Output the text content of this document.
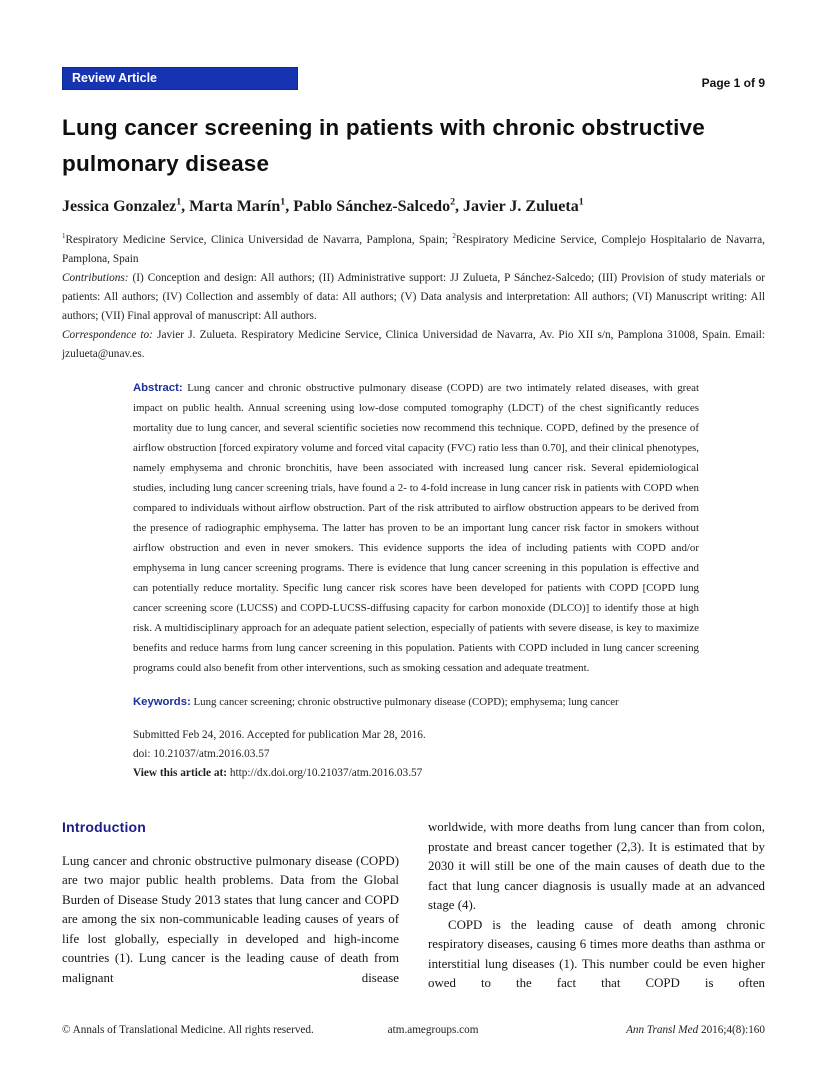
Review Article	Page 1 of 9
Lung cancer screening in patients with chronic obstructive
pulmonary disease
Jessica Gonzalez$^1$, Marta Marín$^1$, Pablo Sánchez-Salcedo$^2$, Javier J. Zulueta$^1$

$^1$Respiratory Medicine Service, Clinica Universidad de Navarra, Pamplona, Spain; $^2$Respiratory Medicine Service, Complejo Hospitalario de Navarra, Pamplona, Spain

Contributions: (I) Conception and design: All authors; (II) Administrative support: JJ Zulueta, P Sánchez-Salcedo; (III) Provision of study materials or patients: All authors; (IV) Collection and assembly of data: All authors; (V) Data analysis and interpretation: All authors; (VI) Manuscript writing: All authors; (VII) Final approval of manuscript: All authors.

Correspondence to: Javier J. Zulueta. Respiratory Medicine Service, Clinica Universidad de Navarra, Av. Pio XII s/n, Pamplona 31008, Spain. Email: jzulueta@unav.es.

Abstract: Lung cancer and chronic obstructive pulmonary disease (COPD) are two intimately related diseases, with great impact on public health. Annual screening using low-dose computed tomography (LDCT) of the chest significantly reduces mortality due to lung cancer, and several scientific societies now recommend this technique. COPD, defined by the presence of airflow obstruction [forced expiratory volume and forced vital capacity (FVC) ratio less than 0.70], and their clinical phenotypes, namely emphysema and chronic bronchitis, have been associated with increased lung cancer risk. Several epidemiological studies, including lung cancer screening trials, have found a 2- to 4-fold increase in lung cancer risk in patients with COPD when compared to individuals without airflow obstruction. Part of the risk attributed to airflow obstruction appears to be derived from the presence of radiographic emphysema. The latter has proven to be an important lung cancer risk factor in smokers without airflow obstruction and even in never smokers. This evidence supports the idea of including patients with COPD and/or emphysema in lung cancer screening programs. There is evidence that lung cancer screening in this population is effective and can potentially reduce mortality. Specific lung cancer risk scores have been developed for patients with COPD [COPD lung cancer screening score (LUCSS) and COPD-LUCSS-diffusing capacity for carbon monoxide (DLCO)] to identify those at high risk. A multidisciplinary approach for an adequate patient selection, especially of patients with severe disease, is key to maximize benefits and reduce harms from lung cancer screening in this population. Patients with COPD included in lung cancer screening programs could also benefit from other interventions, such as smoking cessation and adequate treatment.

Keywords: Lung cancer screening; chronic obstructive pulmonary disease (COPD); emphysema; lung cancer

Submitted Feb 24, 2016. Accepted for publication Mar 28, 2016.

doi: 10.21037/atm.2016.03.57

View this article at: http://dx.doi.org/10.21037/atm.2016.03.57

Introduction

Lung cancer and chronic obstructive pulmonary disease (COPD) are two major public health problems. Data from the Global Burden of Disease Study 2013 states that lung cancer and COPD are among the six non-communicable leading causes of years of life lost globally, especially in developed and high-income countries (1). Lung cancer is the leading cause of death from malignant disease

worldwide, with more deaths from lung cancer than from colon, prostate and breast cancer together (2,3). It is estimated that by 2030 it will still be one of the main causes of death due to the fact that lung cancer diagnosis is usually made at an advanced stage (4).

COPD is the leading cause of death among chronic respiratory diseases, causing 6 times more deaths than asthma or interstitial lung diseases (1). This number could be even higher owed to the fact that COPD is often

© Annals of Translational Medicine. All rights reserved.	atm.amegroups.com	Ann Transl Med 2016;4(8):160
